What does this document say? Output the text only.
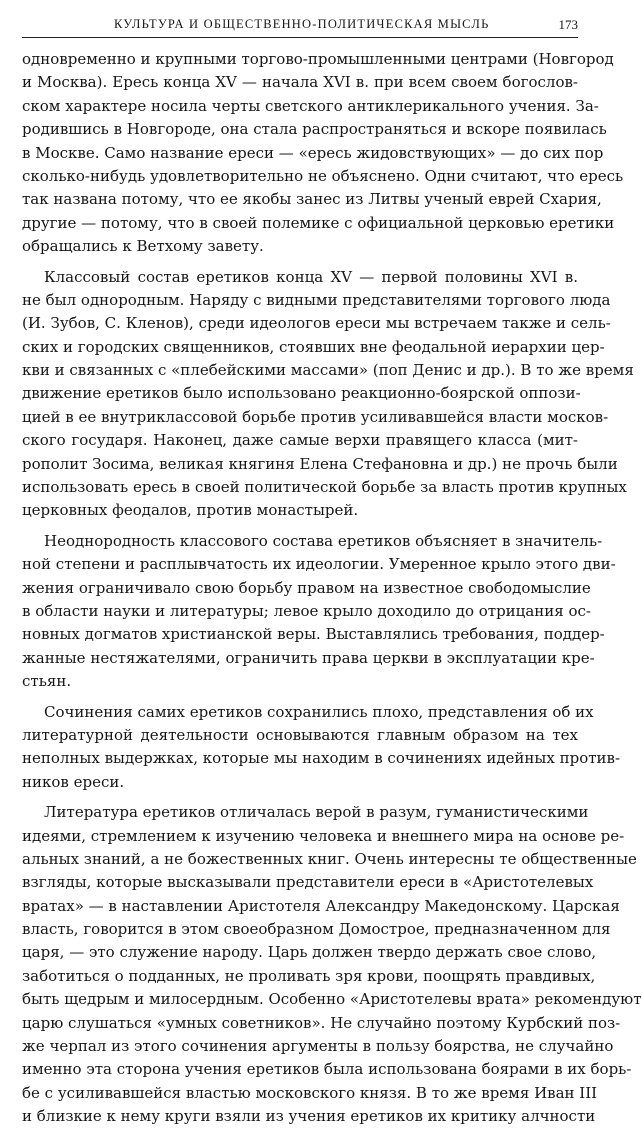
КУЛЬТУРА И ОБЩЕСТВЕННО-ПОЛИТИЧЕСКАЯ МЫСЛЬ	173
одновременно и крупными торгово-промышленными центрами (Новгород
и Москва). Ересь конца XV — начала XVI в. при всем своем богослов-
ском характере носила черты светского антиклерикального учения. За-
родившись в Новгороде, она стала распространяться и вскоре появилась
в Москве. Само название ереси — «ересь жидовствующих» — до сих пор
сколько-нибудь удовлетворительно не объяснено. Одни считают, что ересь
так названа потому, что ее якобы занес из Литвы ученый еврей Схария,
другие — потому, что в своей полемике с официальной церковью еретики
обращались к Ветхому завету.
Классовый состав еретиков конца XV — первой половины XVI в.
не был однородным. Наряду с видными представителями торгового люда
(И. Зубов, С. Кленов), среди идеологов ереси мы встречаем также и сель-
ских и городских священников, стоявших вне феодальной иерархии цер-
кви и связанных с «плебейскими массами» (поп Денис и др.). В то же время
движение еретиков было использовано реакционно-боярской оппози-
цией в ее внутриклассовой борьбе против усиливавшейся власти москов-
ского государя. Наконец, даже самые верхи правящего класса (мит-
рополит Зосима, великая княгиня Елена Стефановна и др.) не прочь были
использовать ересь в своей политической борьбе за власть против крупных
церковных феодалов, против монастырей.
Неоднородность классового состава еретиков объясняет в значитель-
ной степени и расплывчатость их идеологии. Умеренное крыло этого дви-
жения ограничивало свою борьбу правом на известное свободомыслие
в области науки и литературы; левое крыло доходило до отрицания ос-
новных догматов христианской веры. Выставлялись требования, поддер-
жанные нестяжателями, ограничить права церкви в эксплуатации кре-
стьян.
Сочинения самих еретиков сохранились плохо, представления об их
литературной деятельности основываются главным образом на тех
неполных выдержках, которые мы находим в сочинениях идейных против-
ников ереси.
Литература еретиков отличалась верой в разум, гуманистическими
идеями, стремлением к изучению человека и внешнего мира на основе ре-
альных знаний, а не божественных книг. Очень интересны те общественные
взгляды, которые высказывали представители ереси в «Аристотелевых
вратах» — в наставлении Аристотеля Александру Македонскому. Царская
власть, говорится в этом своеобразном Домострое, предназначенном для
царя, — это служение народу. Царь должен твердо держать свое слово,
заботиться о подданных, не проливать зря крови, поощрять правдивых,
быть щедрым и милосердным. Особенно «Аристотелевы врата» рекомендуют
царю слушаться «умных советников». Не случайно поэтому Курбский поз-
же черпал из этого сочинения аргументы в пользу боярства, не случайно
именно эта сторона учения еретиков была использована боярами в их борь-
бе с усиливавшейся властью московского князя. В то же время Иван III
и близкие к нему круги взяли из учения еретиков их критику алчности
